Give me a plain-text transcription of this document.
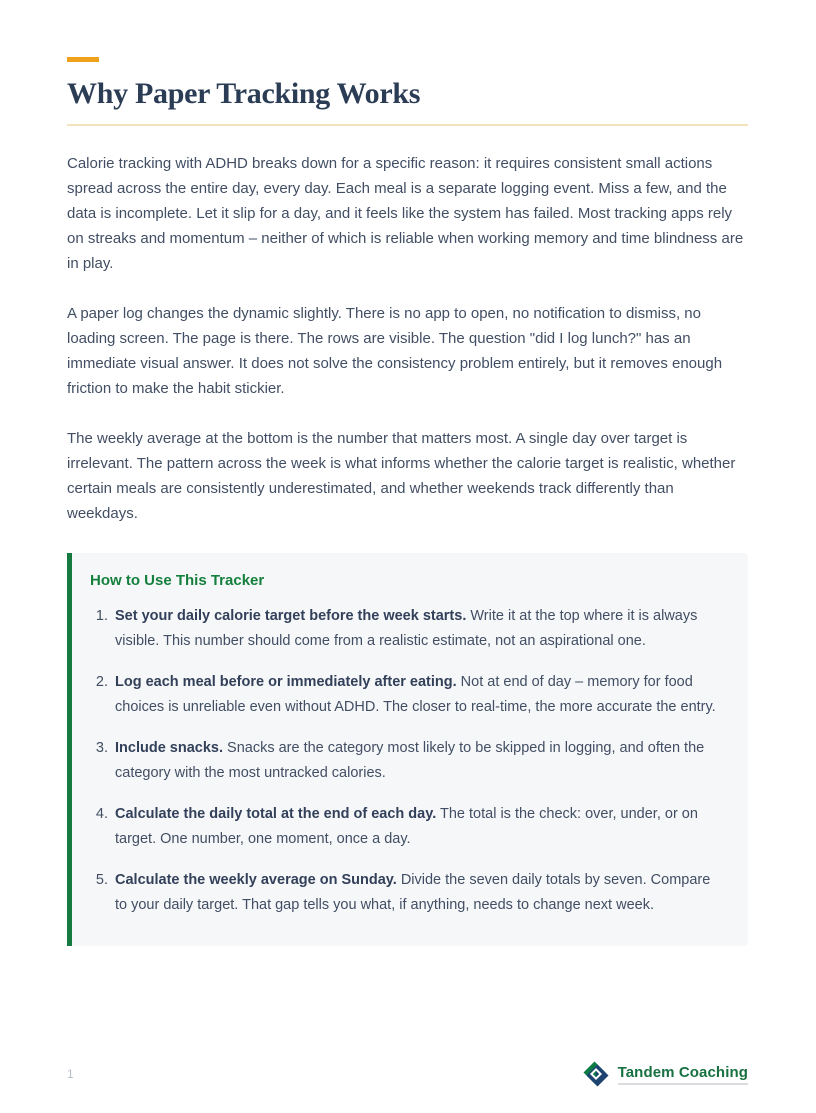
Why Paper Tracking Works

Calorie tracking with ADHD breaks down for a specific reason: it requires consistent small actions spread across the entire day, every day. Each meal is a separate logging event. Miss a few, and the data is incomplete. Let it slip for a day, and it feels like the system has failed. Most tracking apps rely on streaks and momentum – neither of which is reliable when working memory and time blindness are in play.

A paper log changes the dynamic slightly. There is no app to open, no notification to dismiss, no loading screen. The page is there. The rows are visible. The question "did I log lunch?" has an immediate visual answer. It does not solve the consistency problem entirely, but it removes enough friction to make the habit stickier.

The weekly average at the bottom is the number that matters most. A single day over target is irrelevant. The pattern across the week is what informs whether the calorie target is realistic, whether certain meals are consistently underestimated, and whether weekends track differently than weekdays.

How to Use This Tracker
1. Set your daily calorie target before the week starts. Write it at the top where it is always visible. This number should come from a realistic estimate, not an aspirational one.
2. Log each meal before or immediately after eating. Not at end of day – memory for food choices is unreliable even without ADHD. The closer to real-time, the more accurate the entry.
3. Include snacks. Snacks are the category most likely to be skipped in logging, and often the category with the most untracked calories.
4. Calculate the daily total at the end of each day. The total is the check: over, under, or on target. One number, one moment, once a day.
5. Calculate the weekly average on Sunday. Divide the seven daily totals by seven. Compare to your daily target. That gap tells you what, if anything, needs to change next week.
1	Tandem Coaching
